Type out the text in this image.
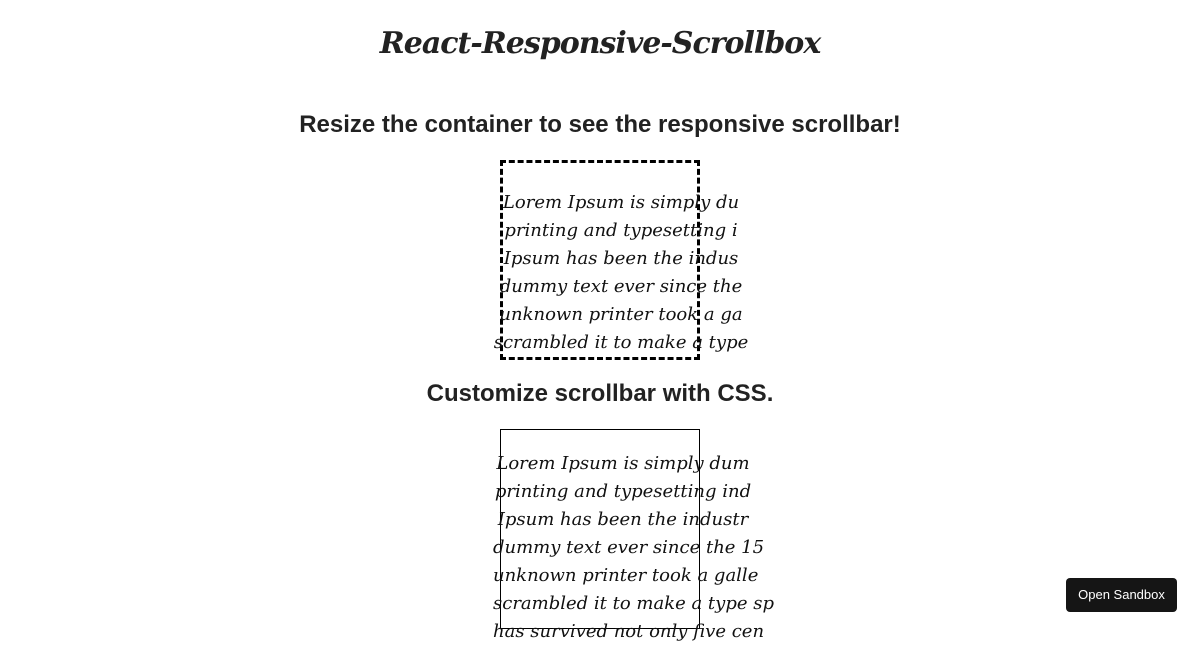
React-Responsive-Scrollbox
Resize the container to see the responsive scrollbar!
Lorem Ipsum is simply du
printing and typesetting i
Ipsum has been the indus
dummy text ever since the
unknown printer took a ga
scrambled it to make a type
Customize scrollbar with CSS.
Lorem Ipsum is simply dum
printing and typesetting ind
Ipsum has been the industr
dummy text ever since the 15
unknown printer took a galle
scrambled it to make a type sp
has survived not only five cen
Open Sandbox
